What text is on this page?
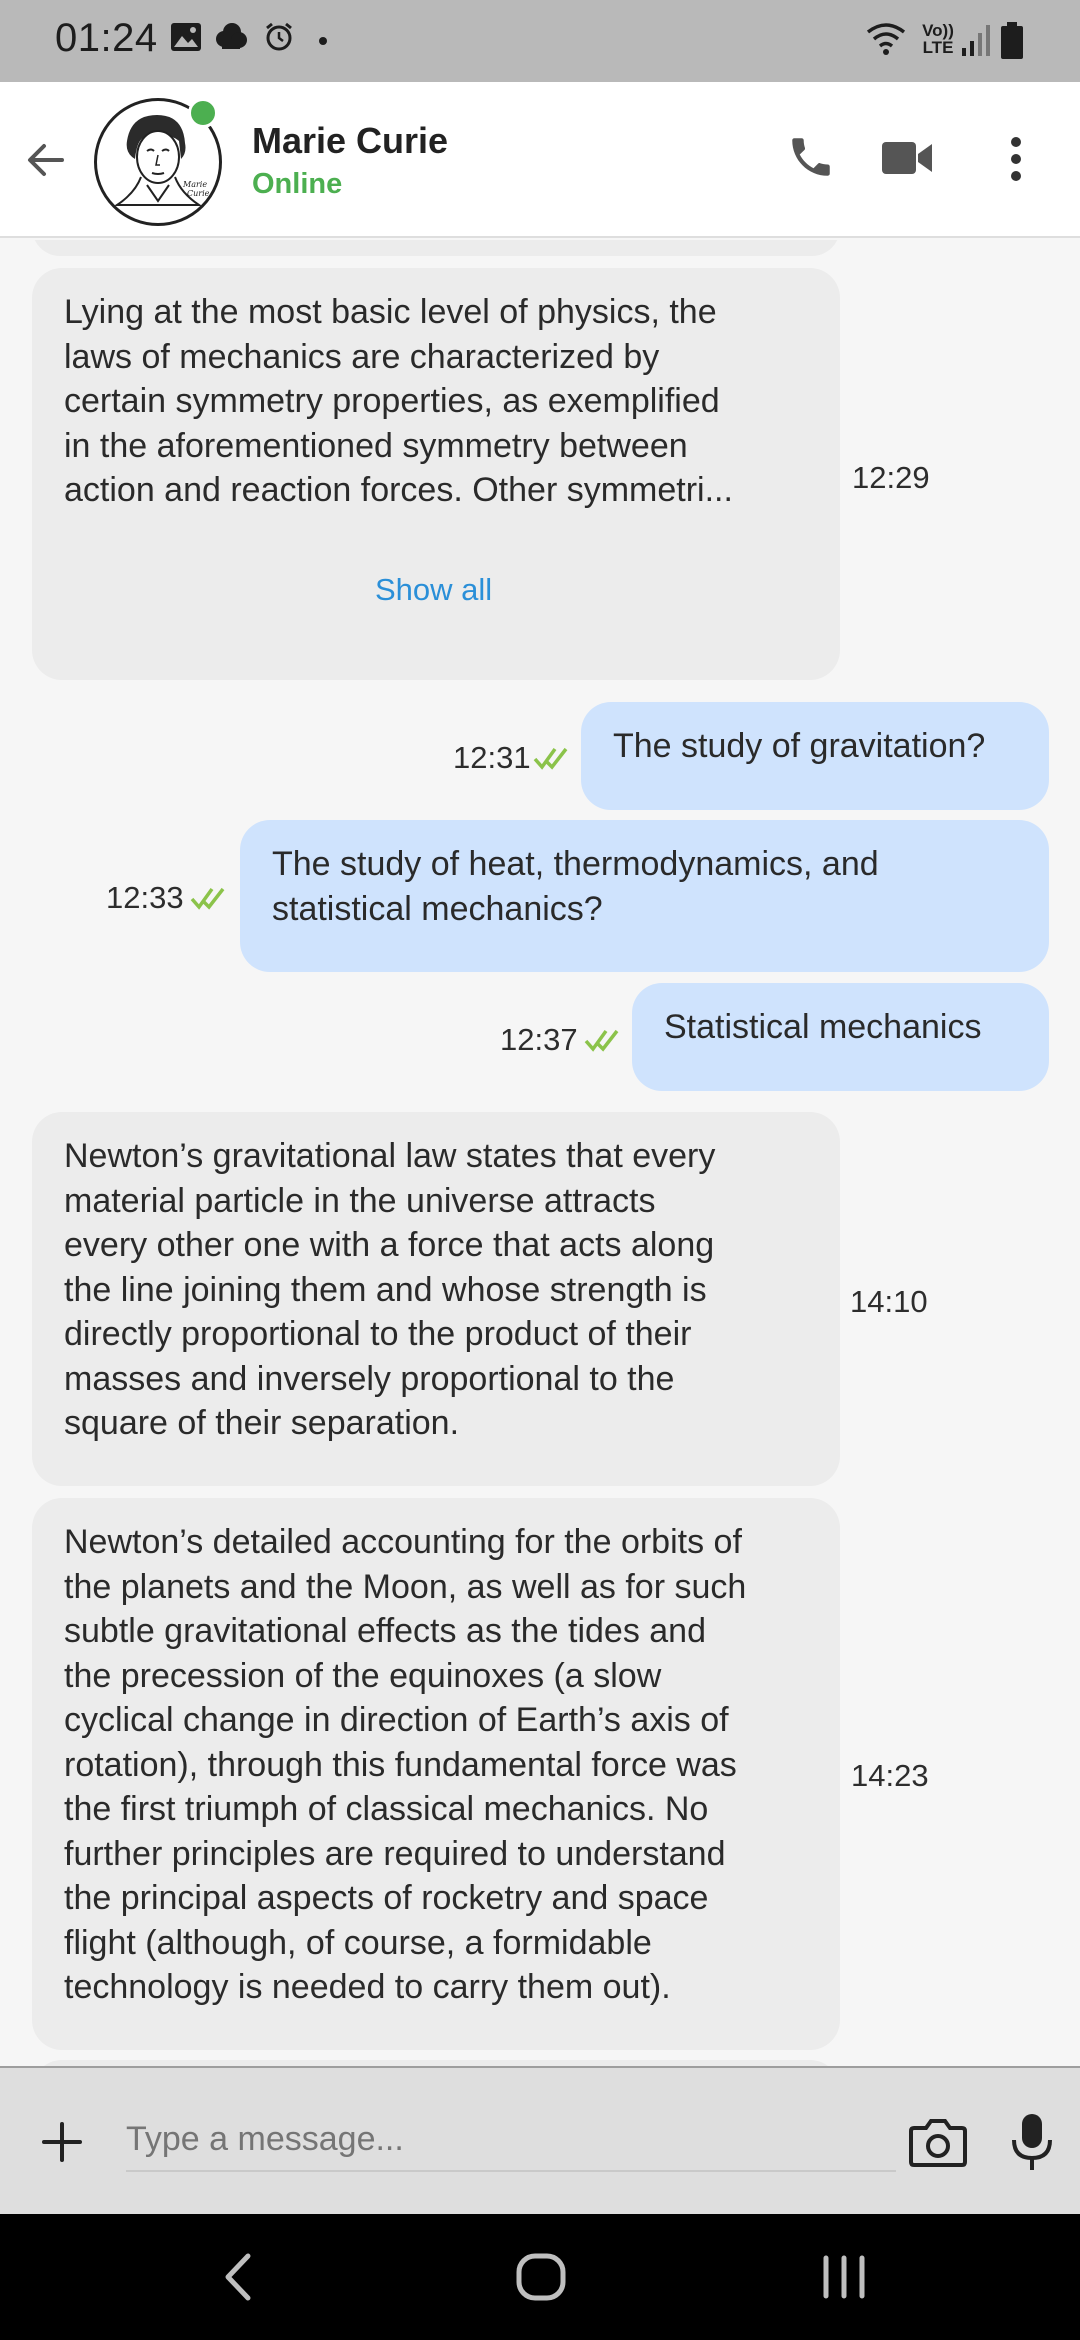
01:24	Vo))
LTE
Marie
Curie
Marie Curie
Online
Lying at the most basic level of physics, the
laws of mechanics are characterized by
certain symmetry properties, as exemplified
in the aforementioned symmetry between
action and reaction forces. Other symmetri...
Show all
12:29
12:31 The study of gravitation?
12:33
The study of heat, thermodynamics, and
statistical mechanics?
12:37	Statistical mechanics
Newton’s gravitational law states that every
material particle in the universe attracts
every other one with a force that acts along
the line joining them and whose strength is
directly proportional to the product of their
masses and inversely proportional to the
square of their separation.
14:10
Newton’s detailed accounting for the orbits of
the planets and the Moon, as well as for such
subtle gravitational effects as the tides and
the precession of the equinoxes (a slow
cyclical change in direction of Earth’s axis of
rotation), through this fundamental force was
the first triumph of classical mechanics. No
further principles are required to understand
the principal aspects of rocketry and space
flight (although, of course, a formidable
technology is needed to carry them out).
14:23
Type a message...
